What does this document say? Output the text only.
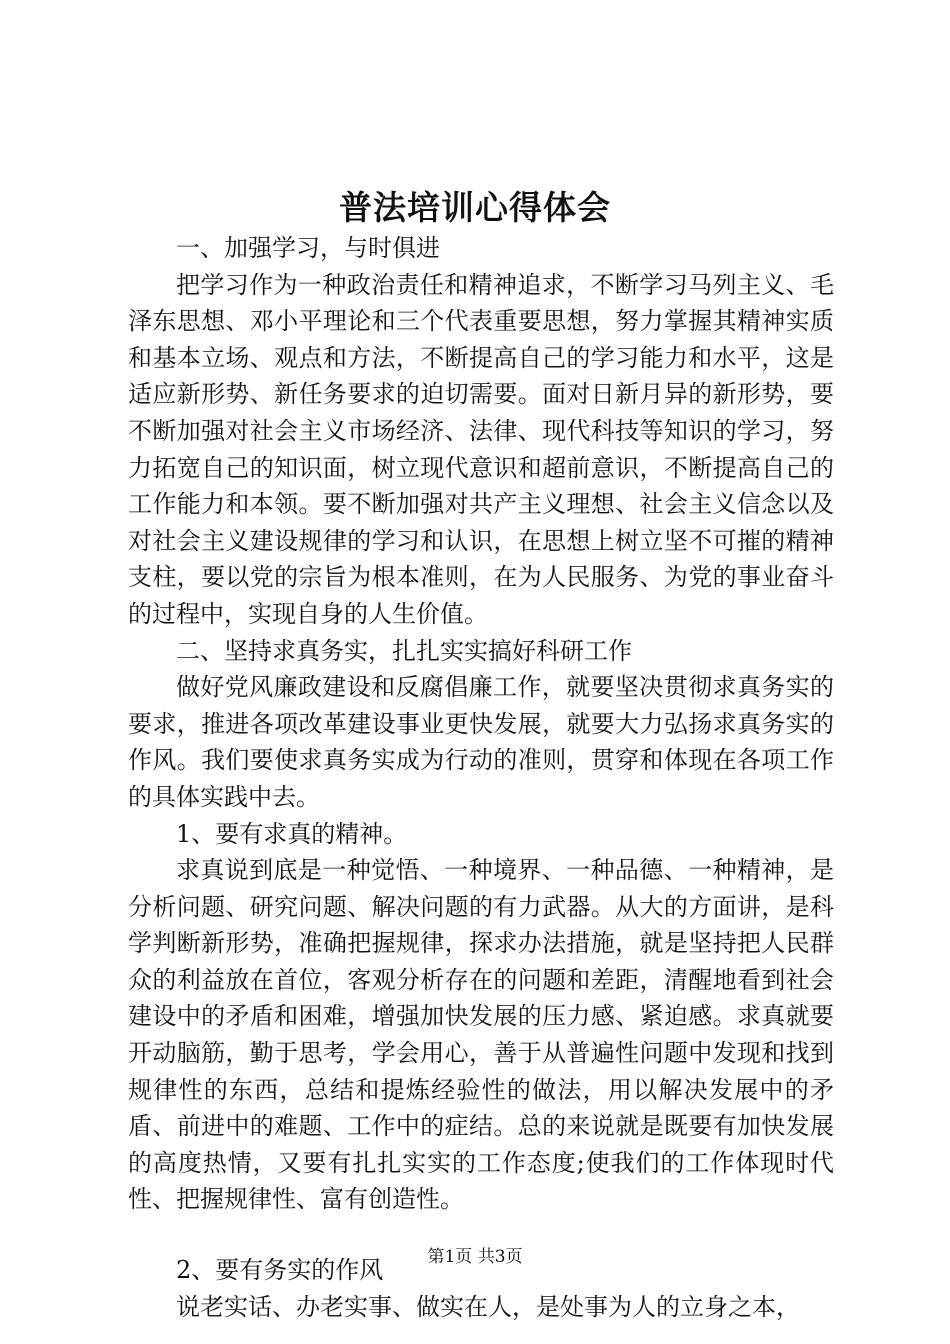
普法培训心得体会

一、加强学习，与时俱进

把学习作为一种政治责任和精神追求，不断学习马列主义、毛泽东思想、邓小平理论和三个代表重要思想，努力掌握其精神实质和基本立场、观点和方法，不断提高自己的学习能力和水平，这是适应新形势、新任务要求的迫切需要。面对日新月异的新形势，要不断加强对社会主义市场经济、法律、现代科技等知识的学习，努力拓宽自己的知识面，树立现代意识和超前意识，不断提高自己的工作能力和本领。要不断加强对共产主义理想、社会主义信念以及对社会主义建设规律的学习和认识，在思想上树立坚不可摧的精神支柱，要以党的宗旨为根本准则，在为人民服务、为党的事业奋斗的过程中，实现自身的人生价值。

二、坚持求真务实，扎扎实实搞好科研工作

做好党风廉政建设和反腐倡廉工作，就要坚决贯彻求真务实的要求，推进各项改革建设事业更快发展，就要大力弘扬求真务实的作风。我们要使求真务实成为行动的准则，贯穿和体现在各项工作的具体实践中去。

1、要有求真的精神。

求真说到底是一种觉悟、一种境界、一种品德、一种精神，是分析问题、研究问题、解决问题的有力武器。从大的方面讲，是科学判断新形势，准确把握规律，探求办法措施，就是坚持把人民群众的利益放在首位，客观分析存在的问题和差距，清醒地看到社会建设中的矛盾和困难，增强加快发展的压力感、紧迫感。求真就要开动脑筋，勤于思考，学会用心，善于从普遍性问题中发现和找到规律性的东西，总结和提炼经验性的做法，用以解决发展中的矛盾、前进中的难题、工作中的症结。总的来说就是既要有加快发展的高度热情，又要有扎扎实实的工作态度;使我们的工作体现时代性、把握规律性、富有创造性。

2、要有务实的作风

说老实话、办老实事、做实在人，是处事为人的立身之本，

第1页 共3页
